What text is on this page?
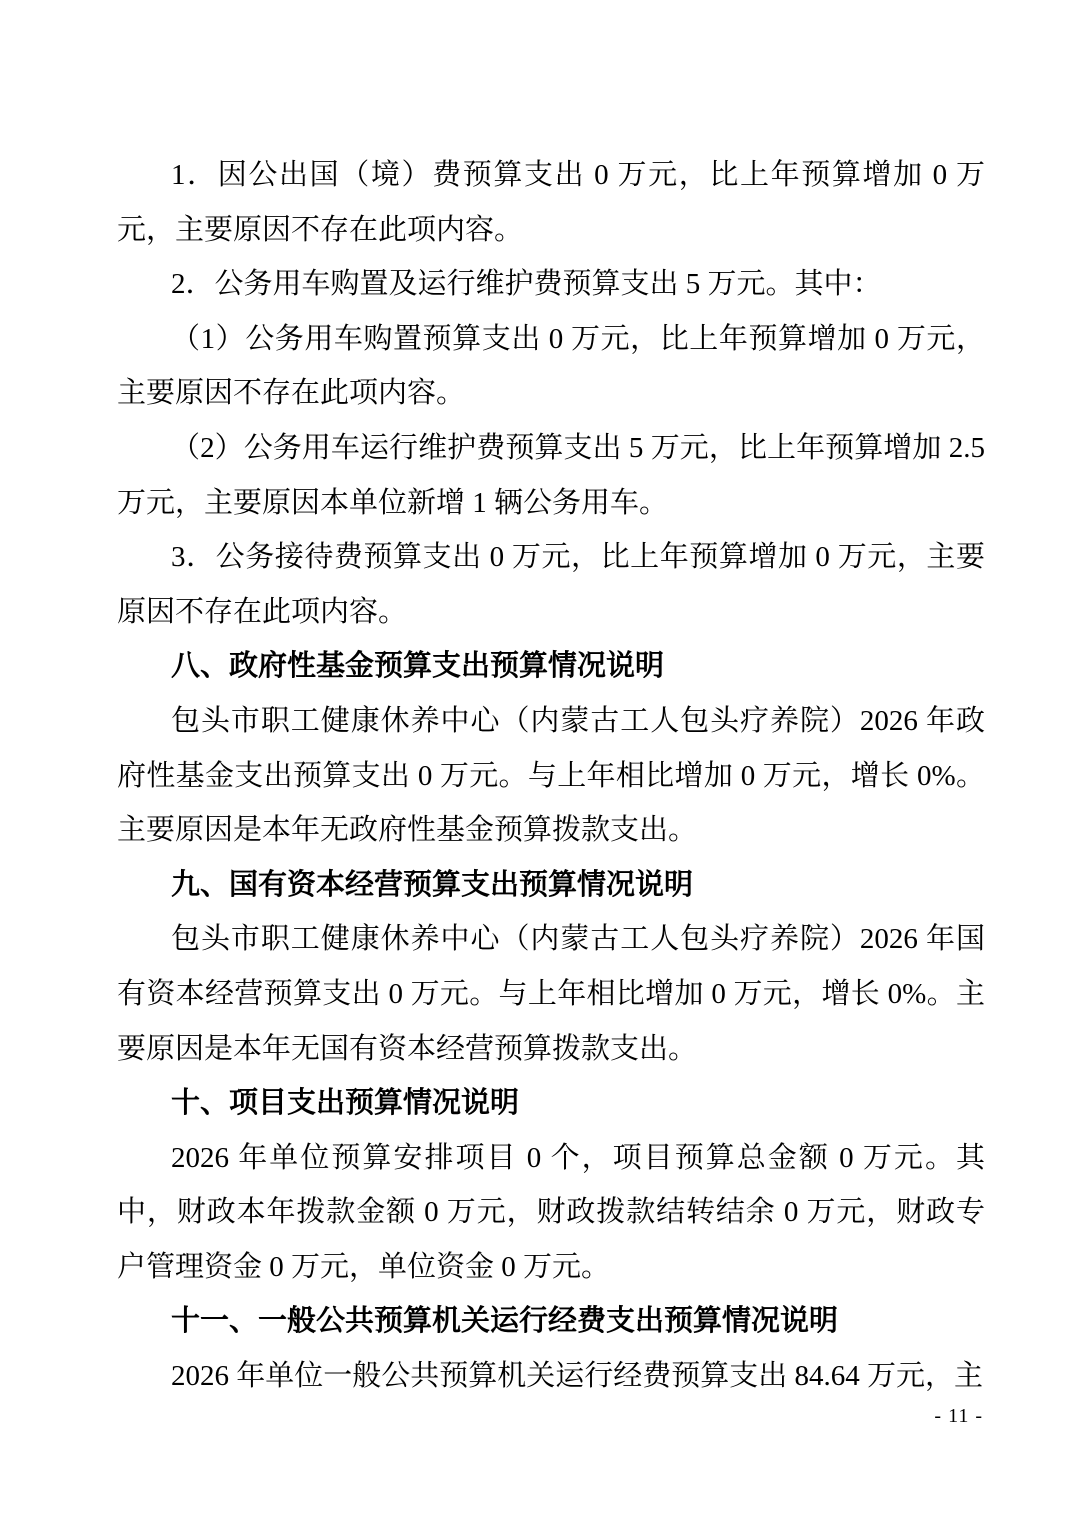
1．因公出国（境）费预算支出 0 万元，比上年预算增加 0 万元，主要原因不存在此项内容。

2．公务用车购置及运行维护费预算支出 5 万元。其中：

（1）公务用车购置预算支出 0 万元，比上年预算增加 0 万元，主要原因不存在此项内容。

（2）公务用车运行维护费预算支出 5 万元，比上年预算增加 2.5 万元，主要原因本单位新增 1 辆公务用车。

3．公务接待费预算支出 0 万元，比上年预算增加 0 万元，主要原因不存在此项内容。

八、政府性基金预算支出预算情况说明

包头市职工健康休养中心（内蒙古工人包头疗养院）2026 年政府性基金支出预算支出 0 万元。与上年相比增加 0 万元，增长 0%。主要原因是本年无政府性基金预算拨款支出。

九、国有资本经营预算支出预算情况说明

包头市职工健康休养中心（内蒙古工人包头疗养院）2026 年国有资本经营预算支出 0 万元。与上年相比增加 0 万元，增长 0%。主要原因是本年无国有资本经营预算拨款支出。

十、项目支出预算情况说明

2026 年单位预算安排项目 0 个，项目预算总金额 0 万元。其中，财政本年拨款金额 0 万元，财政拨款结转结余 0 万元，财政专户管理资金 0 万元，单位资金 0 万元。

十一、一般公共预算机关运行经费支出预算情况说明

2026 年单位一般公共预算机关运行经费预算支出 84.64 万元，主

- 11 -
